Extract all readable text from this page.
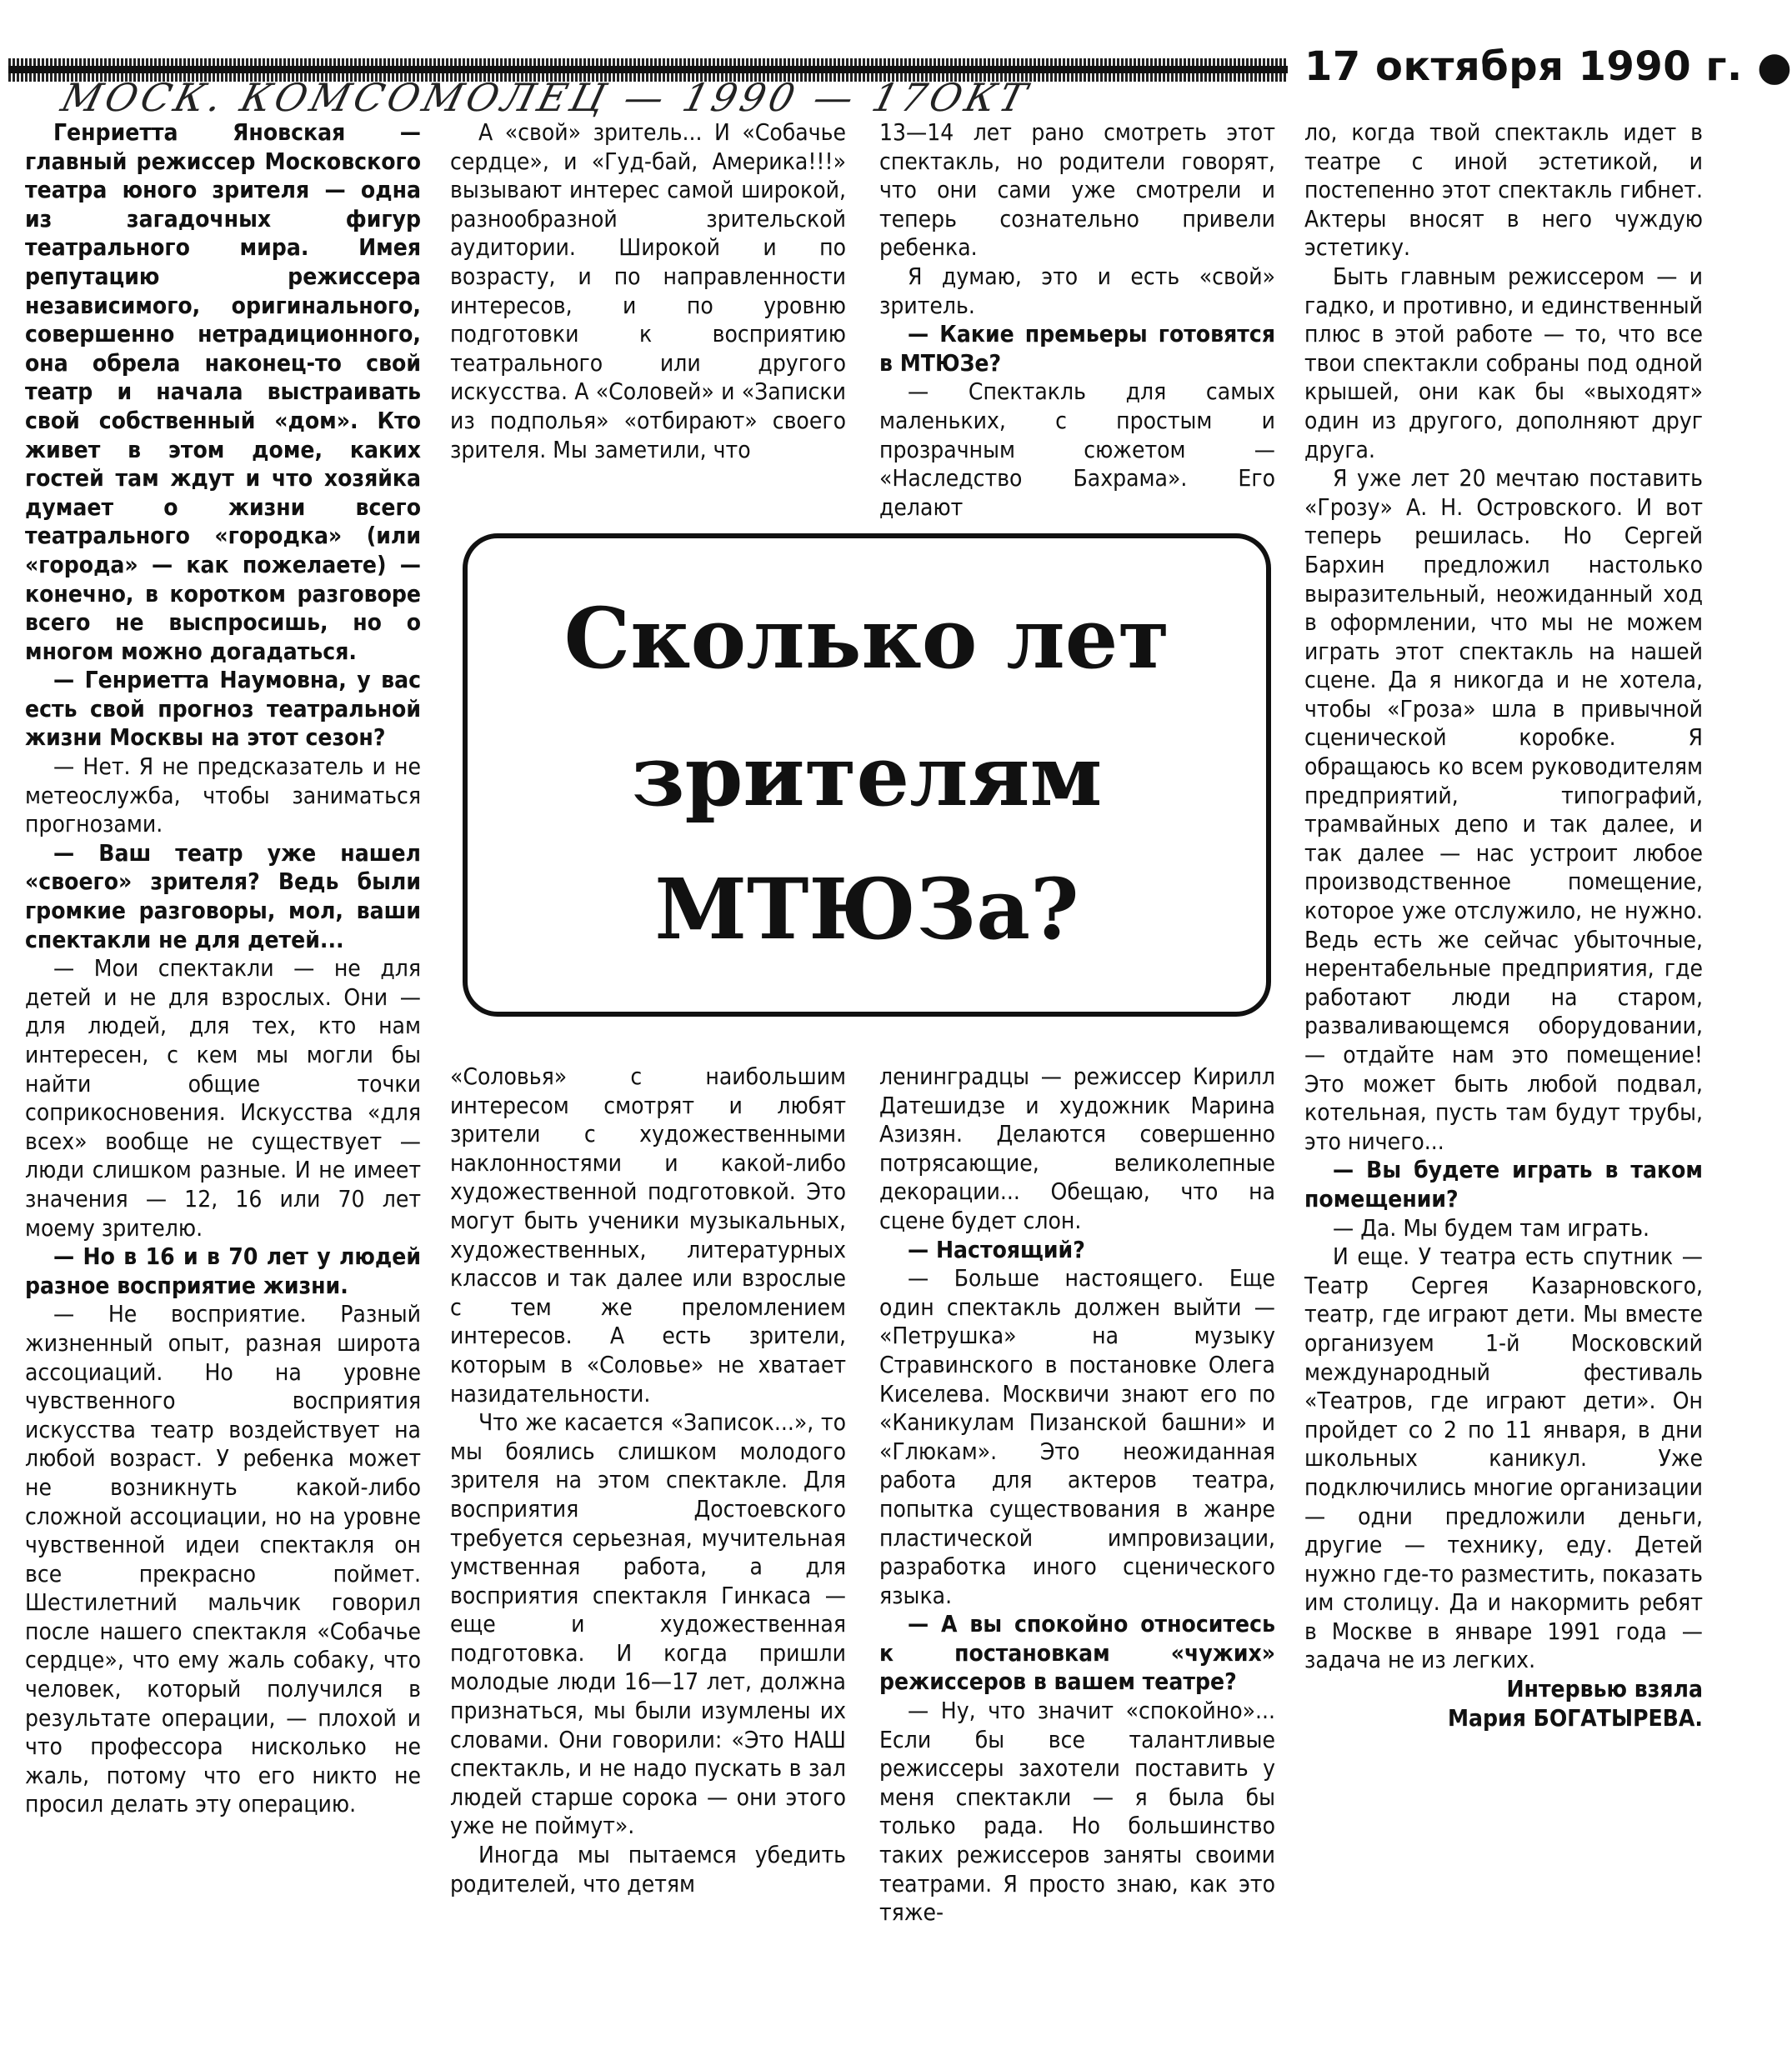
17 октября 1990 г. ●
МОСК. КОМСОМОЛЕЦ — 1990 — 17ОКТ

Генриетта Яновская — главный режиссер Московского театра юного зрителя — одна из загадочных фигур театрального мира. Имея репутацию режиссера независимого, оригинального, совершенно нетрадиционного, она обрела наконец-то свой театр и начала выстраивать свой собственный «дом». Кто живет в этом доме, каких гостей там ждут и что хозяйка думает о жизни всего театрального «городка» (или «города» — как пожелаете) — конечно, в коротком разговоре всего не выспросишь, но о многом можно догадаться.

— Генриетта Наумовна, у вас есть свой прогноз театральной жизни Москвы на этот сезон?

— Нет. Я не предсказатель и не метеослужба, чтобы заниматься прогнозами.

— Ваш театр уже нашел «своего» зрителя? Ведь были громкие разговоры, мол, ваши спектакли не для детей...

— Мои спектакли — не для детей и не для взрослых. Они — для людей, для тех, кто нам интересен, с кем мы могли бы найти общие точки соприкосновения. Искусства «для всех» вообще не существует — люди слишком разные. И не имеет значения — 12, 16 или 70 лет моему зрителю.

— Но в 16 и в 70 лет у людей разное восприятие жизни.

— Не восприятие. Разный жизненный опыт, разная широта ассоциаций. Но на уровне чувственного восприятия искусства театр воздействует на любой возраст. У ребенка может не возникнуть какой-либо сложной ассоциации, но на уровне чувственной идеи спектакля он все прекрасно поймет. Шестилетний мальчик говорил после нашего спектакля «Собачье сердце», что ему жаль собаку, что человек, который получился в результате операции, — плохой и что профессора нисколько не жаль, потому что его никто не просил делать эту операцию.

А «свой» зритель... И «Собачье сердце», и «Гуд-бай, Америка!!!» вызывают интерес самой широкой, разнообразной зрительской аудитории. Широкой и по возрасту, и по направленности интересов, и по уровню подготовки к восприятию театрального или другого искусства. А «Соловей» и «Записки из подполья» «отбирают» своего зрителя. Мы заметили, что

13—14 лет рано смотреть этот спектакль, но родители говорят, что они сами уже смотрели и теперь сознательно привели ребенка.

Я думаю, это и есть «свой» зритель.

— Какие премьеры готовятся в МТЮЗе?

— Спектакль для самых маленьких, с простым и прозрачным сюжетом — «Наследство Бахрама». Его делают

Сколько лет
зрителям
МТЮЗа?

«Соловья» с наибольшим интересом смотрят и любят зрители с художественными наклонностями и какой-либо художественной подготовкой. Это могут быть ученики музыкальных, художественных, литературных классов и так далее или взрослые с тем же преломлением интересов. А есть зрители, которым в «Соловье» не хватает назидательности.

Что же касается «Записок...», то мы боялись слишком молодого зрителя на этом спектакле. Для восприятия Достоевского требуется серьезная, мучительная умственная работа, а для восприятия спектакля Гинкаса — еще и художественная подготовка. И когда пришли молодые люди 16—17 лет, должна признаться, мы были изумлены их словами. Они говорили: «Это НАШ спектакль, и не надо пускать в зал людей старше сорока — они этого уже не поймут».

Иногда мы пытаемся убедить родителей, что детям

ленинградцы — режиссер Кирилл Датешидзе и художник Марина Азизян. Делаются совершенно потрясающие, великолепные декорации... Обещаю, что на сцене будет слон.

— Настоящий?

— Больше настоящего. Еще один спектакль должен выйти — «Петрушка» на музыку Стравинского в постановке Олега Киселева. Москвичи знают его по «Каникулам Пизанской башни» и «Глюкам». Это неожиданная работа для актеров театра, попытка существования в жанре пластической импровизации, разработка иного сценического языка.

— А вы спокойно относитесь к постановкам «чужих» режиссеров в вашем театре?

— Ну, что значит «спокойно»... Если бы все талантливые режиссеры захотели поставить у меня спектакли — я была бы только рада. Но большинство таких режиссеров заняты своими театрами. Я просто знаю, как это тяже-

ло, когда твой спектакль идет в театре с иной эстетикой, и постепенно этот спектакль гибнет. Актеры вносят в него чуждую эстетику.

Быть главным режиссером — и гадко, и противно, и единственный плюс в этой работе — то, что все твои спектакли собраны под одной крышей, они как бы «выходят» один из другого, дополняют друг друга.

Я уже лет 20 мечтаю поставить «Грозу» А. Н. Островского. И вот теперь решилась. Но Сергей Бархин предложил настолько выразительный, неожиданный ход в оформлении, что мы не можем играть этот спектакль на нашей сцене. Да я никогда и не хотела, чтобы «Гроза» шла в привычной сценической коробке. Я обращаюсь ко всем руководителям предприятий, типографий, трамвайных депо и так далее, и так далее — нас устроит любое производственное помещение, которое уже отслужило, не нужно. Ведь есть же сейчас убыточные, нерентабельные предприятия, где работают люди на старом, разваливающемся оборудовании, — отдайте нам это помещение! Это может быть любой подвал, котельная, пусть там будут трубы, это ничего...

— Вы будете играть в таком помещении?

— Да. Мы будем там играть.

И еще. У театра есть спутник — Театр Сергея Казарновского, театр, где играют дети. Мы вместе организуем 1-й Московский международный фестиваль «Театров, где играют дети». Он пройдет со 2 по 11 января, в дни школьных каникул. Уже подключились многие организации — одни предложили деньги, другие — технику, еду. Детей нужно где-то разместить, показать им столицу. Да и накормить ребят в Москве в январе 1991 года — задача не из легких.

Интервью взяла

Мария БОГАТЫРЕВА.
